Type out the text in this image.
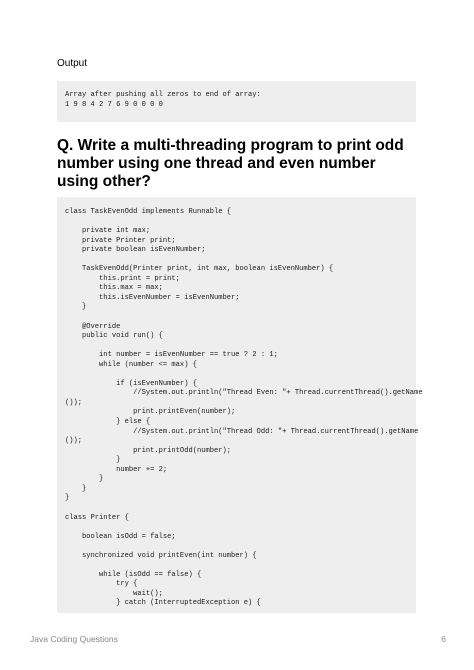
Output
Array after pushing all zeros to end of array:
1 9 8 4 2 7 6 9 0 0 0 0
Q. Write a multi-threading program to print odd number using one thread and even number using other?
class TaskEvenOdd implements Runnable {
private int max;
private Printer print;
private boolean isEvenNumber;
TaskEvenOdd(Printer print, int max, boolean isEvenNumber) {
this.print = print;
this.max = max;
this.isEvenNumber = isEvenNumber;
}
@Override
public void run() {
int number = isEvenNumber == true ? 2 : 1;
while (number <= max) {
if (isEvenNumber) {
//System.out.println("Thread Even: "+ Thread.currentThread().getName
());
print.printEven(number);
} else {
//System.out.println("Thread Odd: "+ Thread.currentThread().getName
());
print.printOdd(number);
}
number += 2;
}
}
}
class Printer {
boolean isOdd = false;
synchronized void printEven(int number) {
while (isOdd == false) {
try {
wait();
} catch (InterruptedException e) {
Java Coding Questions	6
